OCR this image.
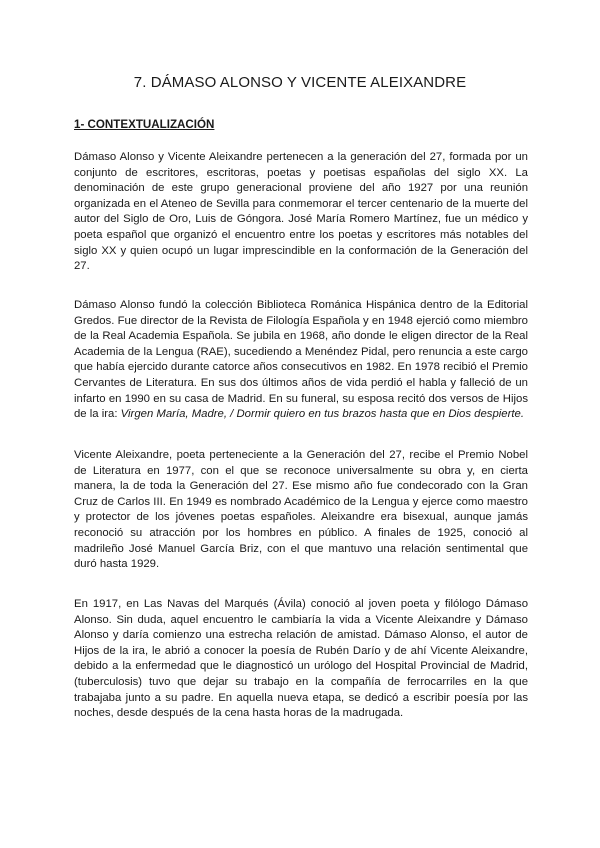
7. DÁMASO ALONSO Y VICENTE ALEIXANDRE
1- CONTEXTUALIZACIÓN

Dámaso Alonso y Vicente Aleixandre pertenecen a la generación del 27, formada por un conjunto de escritores, escritoras, poetas y poetisas españolas del siglo XX. La denominación de este grupo generacional proviene del año 1927 por una reunión organizada en el Ateneo de Sevilla para conmemorar el tercer centenario de la muerte del autor del Siglo de Oro, Luis de Góngora. José María Romero Martínez, fue un médico y poeta español que organizó el encuentro entre los poetas y escritores más notables del siglo XX y quien ocupó un lugar imprescindible en la conformación de la Generación del 27.

Dámaso Alonso fundó la colección Biblioteca Románica Hispánica dentro de la Editorial Gredos. Fue director de la Revista de Filología Española y en 1948 ejerció como miembro de la Real Academia Española. Se jubila en 1968, año donde le eligen director de la Real Academia de la Lengua (RAE), sucediendo a Menéndez Pidal, pero renuncia a este cargo que había ejercido durante catorce años consecutivos en 1982. En 1978 recibió el Premio Cervantes de Literatura. En sus dos últimos años de vida perdió el habla y falleció de un infarto en 1990 en su casa de Madrid. En su funeral, su esposa recitó dos versos de Hijos de la ira: Virgen María, Madre, / Dormir quiero en tus brazos hasta que en Dios despierte.

Vicente Aleixandre, poeta perteneciente a la Generación del 27, recibe el Premio Nobel de Literatura en 1977, con el que se reconoce universalmente su obra y, en cierta manera, la de toda la Generación del 27. Ese mismo año fue condecorado con la Gran Cruz de Carlos III. En 1949 es nombrado Académico de la Lengua y ejerce como maestro y protector de los jóvenes poetas españoles. Aleixandre era bisexual, aunque jamás reconoció su atracción por los hombres en público. A finales de 1925, conoció al madrileño José Manuel García Briz, con el que mantuvo una relación sentimental que duró hasta 1929.

En 1917, en Las Navas del Marqués (Ávila) conoció al joven poeta y filólogo Dámaso Alonso. Sin duda, aquel encuentro le cambiaría la vida a Vicente Aleixandre y Dámaso Alonso y daría comienzo una estrecha relación de amistad. Dámaso Alonso, el autor de Hijos de la ira, le abrió a conocer la poesía de Rubén Darío y de ahí Vicente Aleixandre, debido a la enfermedad que le diagnosticó un urólogo del Hospital Provincial de Madrid, (tuberculosis) tuvo que dejar su trabajo en la compañía de ferrocarriles en la que trabajaba junto a su padre. En aquella nueva etapa, se dedicó a escribir poesía por las noches, desde después de la cena hasta horas de la madrugada.
